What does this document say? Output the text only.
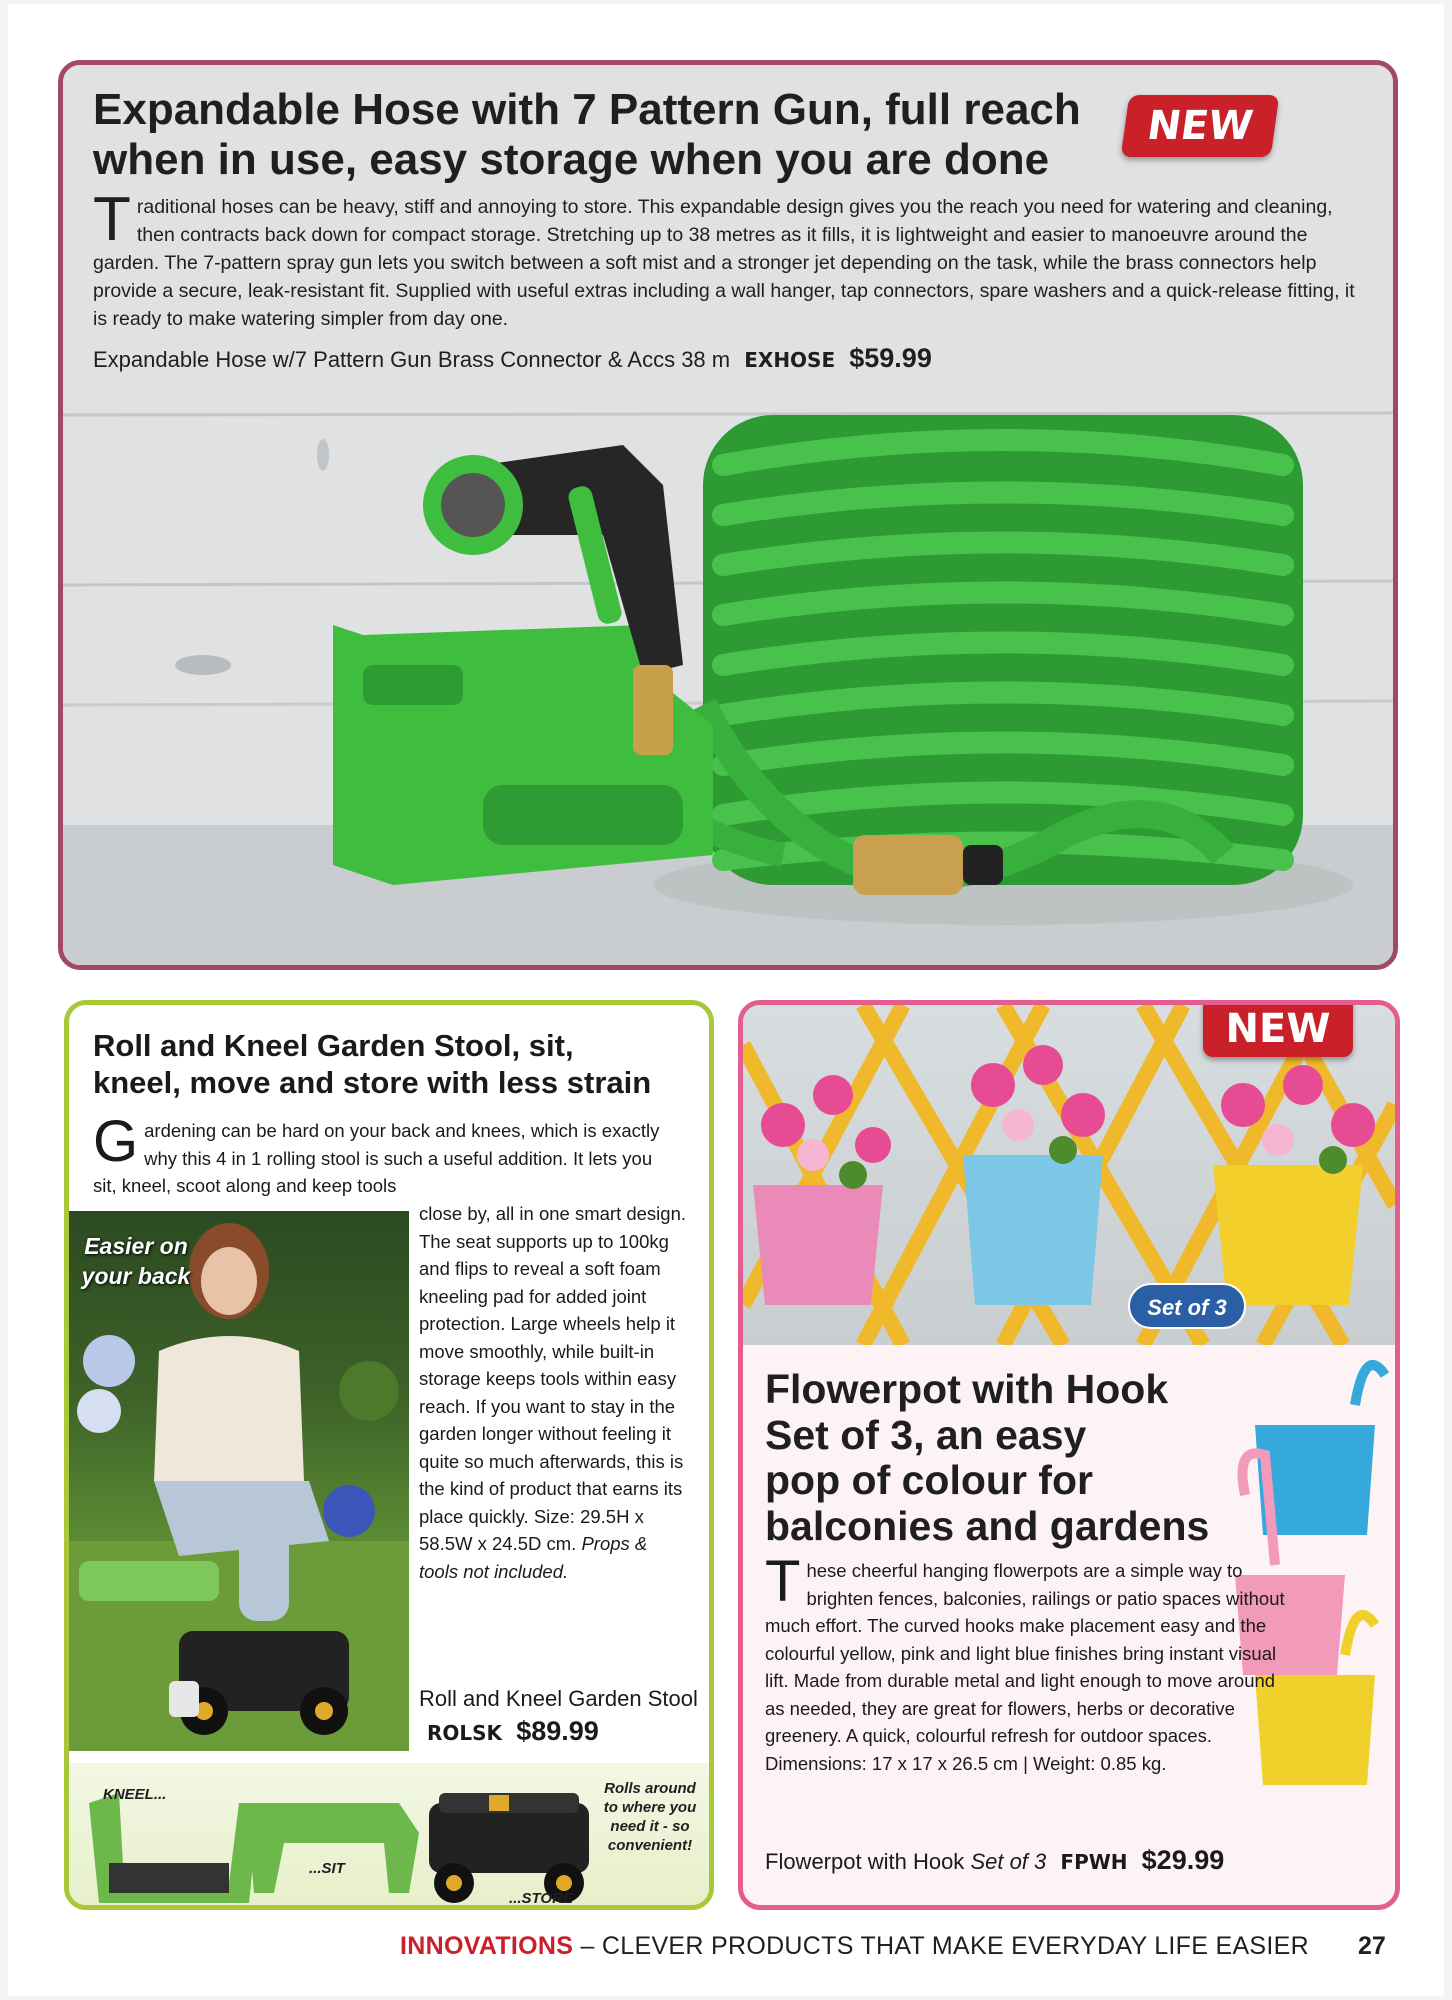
Expandable Hose with 7 Pattern Gun, full reach
when in use, easy storage when you are done
NEW

Traditional hoses can be heavy, stiff and annoying to store. This expandable design gives you the reach you need for watering and cleaning, then contracts back down for compact storage. Stretching up to 38 metres as it fills, it is lightweight and easier to manoeuvre around the garden. The 7-pattern spray gun lets you switch between a soft mist and a stronger jet depending on the task, while the brass connectors help provide a secure, leak-resistant fit. Supplied with useful extras including a wall hanger, tap connectors, spare washers and a quick-release fitting, it is ready to make watering simpler from day one.

Expandable Hose w/7 Pattern Gun Brass Connector & Accs 38 m EXHOSE $59.99
Roll and Kneel Garden Stool, sit,
kneel, move and store with less strain

Gardening can be hard on your back and knees, which is exactly why this 4 in 1 rolling stool is such a useful addition. It lets you sit, kneel, scoot along and keep tools

Easier on your back

close by, all in one smart design. The seat supports up to 100kg and flips to reveal a soft foam kneeling pad for added joint protection. Large wheels help it move smoothly, while built-in storage keeps tools within easy reach. If you want to stay in the garden longer without feeling it quite so much afterwards, this is the kind of product that earns its place quickly. Size: 29.5H x 58.5W x 24.5D cm. Props & tools not included.

Roll and Kneel Garden Stool ROLSK $89.99
KNEEL...
...SIT
...STORE
Rolls around to where you need it - so convenient!
NEW
Set of 3
Flowerpot with Hook
Set of 3, an easy
pop of colour for
balconies and gardens

These cheerful hanging flowerpots are a simple way to brighten fences, balconies, railings or patio spaces without much effort. The curved hooks make placement easy and the colourful yellow, pink and light blue finishes bring instant visual lift. Made from durable metal and light enough to move around as needed, they are great for flowers, herbs or decorative greenery. A quick, colourful refresh for outdoor spaces. Dimensions: 17 x 17 x 26.5 cm | Weight: 0.85 kg.

Flowerpot with Hook Set of 3 FPWH $29.99
INNOVATIONS – CLEVER PRODUCTS THAT MAKE EVERYDAY LIFE EASIER 27
